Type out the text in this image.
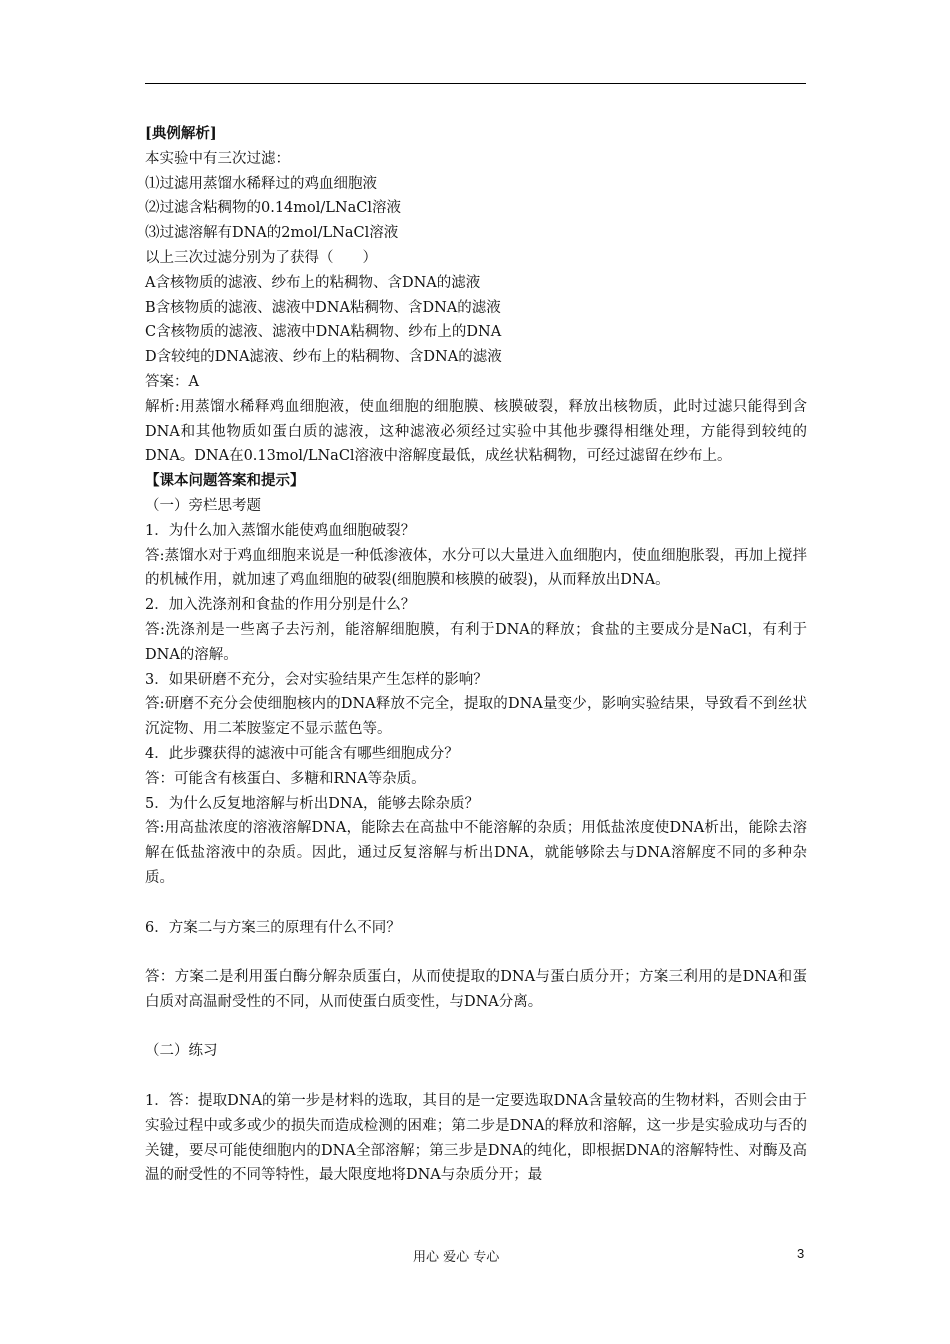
[典例解析]
本实验中有三次过滤：
⑴过滤用蒸馏水稀释过的鸡血细胞液
⑵过滤含粘稠物的0.14mol/LNaCl溶液
⑶过滤溶解有DNA的2mol/LNaCl溶液
以上三次过滤分别为了获得（　　）
A含核物质的滤液、纱布上的粘稠物、含DNA的滤液
B含核物质的滤液、滤液中DNA粘稠物、含DNA的滤液
C含核物质的滤液、滤液中DNA粘稠物、纱布上的DNA
D含较纯的DNA滤液、纱布上的粘稠物、含DNA的滤液
答案：A
解析:用蒸馏水稀释鸡血细胞液，使血细胞的细胞膜、核膜破裂，释放出核物质，此时过滤只能得到含DNA和其他物质如蛋白质的滤液，这种滤液必须经过实验中其他步骤得相继处理，方能得到较纯的DNA。DNA在0.13mol/LNaCl溶液中溶解度最低，成丝状粘稠物，可经过滤留在纱布上。
【课本问题答案和提示】
（一）旁栏思考题
1．为什么加入蒸馏水能使鸡血细胞破裂？
答:蒸馏水对于鸡血细胞来说是一种低渗液体，水分可以大量进入血细胞内，使血细胞胀裂，再加上搅拌的机械作用，就加速了鸡血细胞的破裂(细胞膜和核膜的破裂)，从而释放出DNA。
2．加入洗涤剂和食盐的作用分别是什么？
答:洗涤剂是一些离子去污剂，能溶解细胞膜，有利于DNA的释放；食盐的主要成分是NaCl，有利于DNA的溶解。
3．如果研磨不充分，会对实验结果产生怎样的影响？
答:研磨不充分会使细胞核内的DNA释放不完全，提取的DNA量变少，影响实验结果，导致看不到丝状沉淀物、用二苯胺鉴定不显示蓝色等。
4．此步骤获得的滤液中可能含有哪些细胞成分？
答：可能含有核蛋白、多糖和RNA等杂质。
5．为什么反复地溶解与析出DNA，能够去除杂质？
答:用高盐浓度的溶液溶解DNA，能除去在高盐中不能溶解的杂质；用低盐浓度使DNA析出，能除去溶解在低盐溶液中的杂质。因此，通过反复溶解与析出DNA，就能够除去与DNA溶解度不同的多种杂质。
6．方案二与方案三的原理有什么不同？
答：方案二是利用蛋白酶分解杂质蛋白，从而使提取的DNA与蛋白质分开；方案三利用的是DNA和蛋白质对高温耐受性的不同，从而使蛋白质变性，与DNA分离。
（二）练习
1．答：提取DNA的第一步是材料的选取，其目的是一定要选取DNA含量较高的生物材料，否则会由于实验过程中或多或少的损失而造成检测的困难；第二步是DNA的释放和溶解，这一步是实验成功与否的关键，要尽可能使细胞内的DNA全部溶解；第三步是DNA的纯化，即根据DNA的溶解特性、对酶及高温的耐受性的不同等特性，最大限度地将DNA与杂质分开；最
用心 爱心 专心	3
